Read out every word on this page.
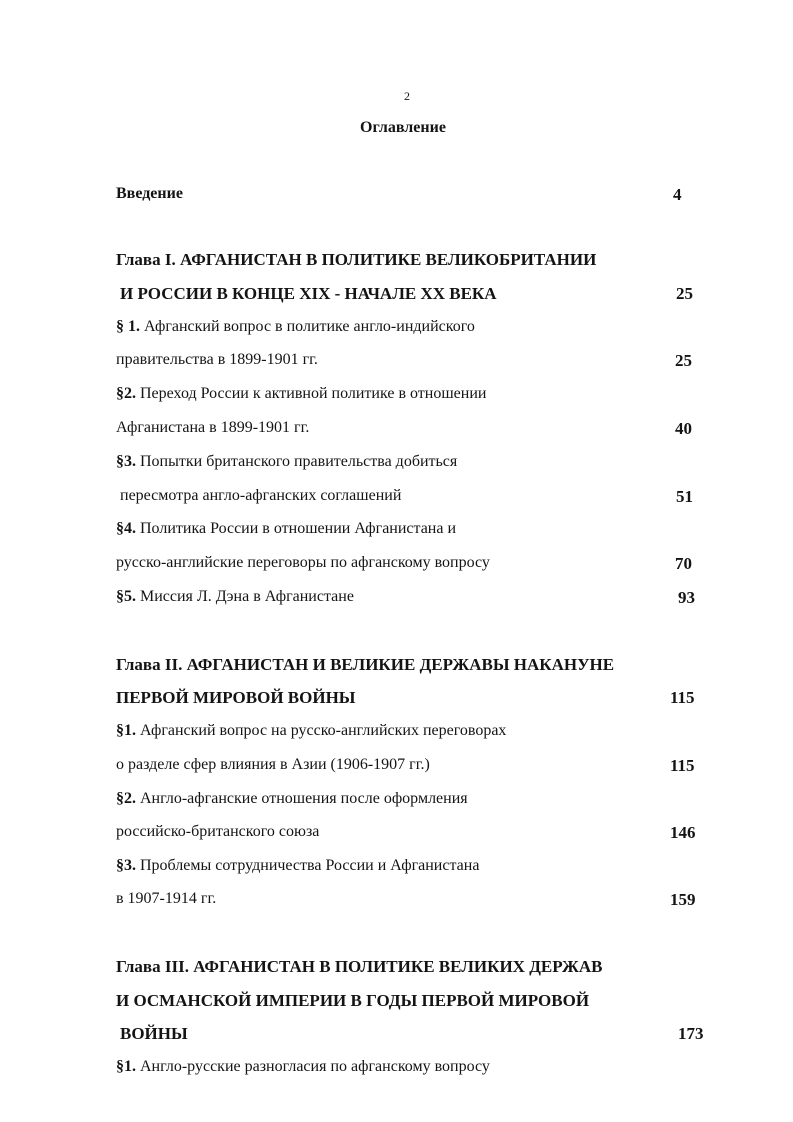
2
Оглавление
Введение	4
Глава I. АФГАНИСТАН В ПОЛИТИКЕ ВЕЛИКОБРИТАНИИ
И РОССИИ В КОНЦЕ XIX - НАЧАЛЕ XX ВЕКА	25
§ 1. Афганский вопрос в политике англо-индийского
правительства в 1899-1901 гг.	25
§2. Переход России к активной политике в отношении
Афганистана в 1899-1901 гг.	40
§3. Попытки британского правительства добиться
пересмотра англо-афганских соглашений	51
§4. Политика России в отношении Афганистана и
русско-английские переговоры по афганскому вопросу	70
§5. Миссия Л. Дэна в Афганистане	93
Глава II. АФГАНИСТАН И ВЕЛИКИЕ ДЕРЖАВЫ НАКАНУНЕ
ПЕРВОЙ МИРОВОЙ ВОЙНЫ	115
§1. Афганский вопрос на русско-английских переговорах
о разделе сфер влияния в Азии (1906-1907 гг.)	115
§2. Англо-афганские отношения после оформления
российско-британского союза	146
§3. Проблемы сотрудничества России и Афганистана
в 1907-1914 гг.	159
Глава III. АФГАНИСТАН В ПОЛИТИКЕ ВЕЛИКИХ ДЕРЖАВ
И ОСМАНСКОЙ ИМПЕРИИ В ГОДЫ ПЕРВОЙ МИРОВОЙ
ВОЙНЫ	173
§1. Англо-русские разногласия по афганскому вопросу
